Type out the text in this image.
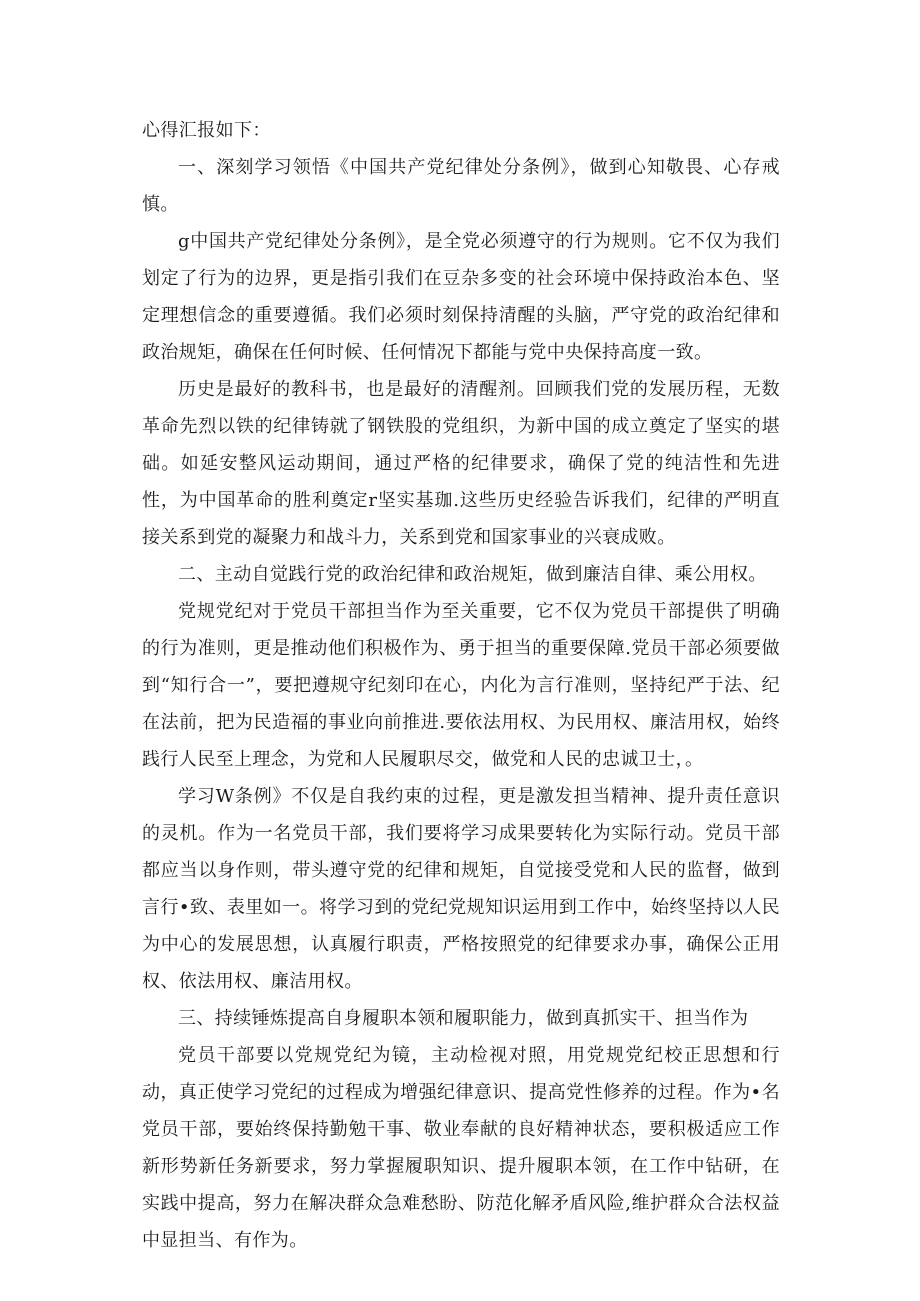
心得汇报如下：

一、深刻学习领悟《中国共产党纪律处分条例》，做到心知敬畏、心存戒慎。

g中国共产党纪律处分条例》，是全党必须遵守的行为规则。它不仅为我们划定了行为的边界，更是指引我们在豆杂多变的社会环境中保持政治本色、坚定理想信念的重要遵循。我们必须时刻保持清醒的头脑，严守党的政治纪律和政治规矩，确保在任何时候、任何情况下都能与党中央保持高度一致。

历史是最好的教科书，也是最好的清醒剂。回顾我们党的发展历程，无数革命先烈以铁的纪律铸就了钢铁股的党组织，为新中国的成立奠定了坚实的堪础。如延安整风运动期间，通过严格的纪律要求，确保了党的纯洁性和先进性，为中国革命的胜利奠定r坚实基珈.这些历史经验告诉我们，纪律的严明直接关系到党的凝聚力和战斗力，关系到党和国家事业的兴衰成败。

二、主动自觉践行党的政治纪律和政治规矩，做到廉洁自律、乘公用权。

党规党纪对于党员干部担当作为至关重要，它不仅为党员干部提供了明确的行为准则，更是推动他们积极作为、勇于担当的重要保障.党员干部必须要做到“知行合一”，要把遵规守纪刻印在心，内化为言行准则，坚持纪严于法、纪在法前，把为民造福的事业向前推进.要依法用权、为民用权、廉洁用权，始终践行人民至上理念，为党和人民履职尽交，做党和人民的忠诚卫士，。

学习W条例》不仅是自我约束的过程，更是激发担当精神、提升责任意识的灵机。作为一名党员干部，我们要将学习成果要转化为实际行动。党员干部都应当以身作则，带头遵守党的纪律和规矩，自觉接受党和人民的监督，做到言行•致、表里如一。将学习到的党纪党规知识运用到工作中，始终坚持以人民为中心的发展思想，认真履行职责，严格按照党的纪律要求办事，确保公正用权、依法用权、廉洁用权。

三、持续锤炼提高自身履职本领和履职能力，做到真抓实干、担当作为

党员干部要以党规党纪为镜，主动检视对照，用党规党纪校正思想和行动，真正使学习党纪的过程成为增强纪律意识、提高党性修养的过程。作为•名党员干部，要始终保持勤勉干事、敬业奉献的良好精神状态，要积极适应工作新形势新任务新要求，努力掌握履职知识、提升履职本领，在工作中钻研，在实践中提高，努力在解决群众急难愁盼、防范化解矛盾风险,维护群众合法权益中显担当、有作为。
